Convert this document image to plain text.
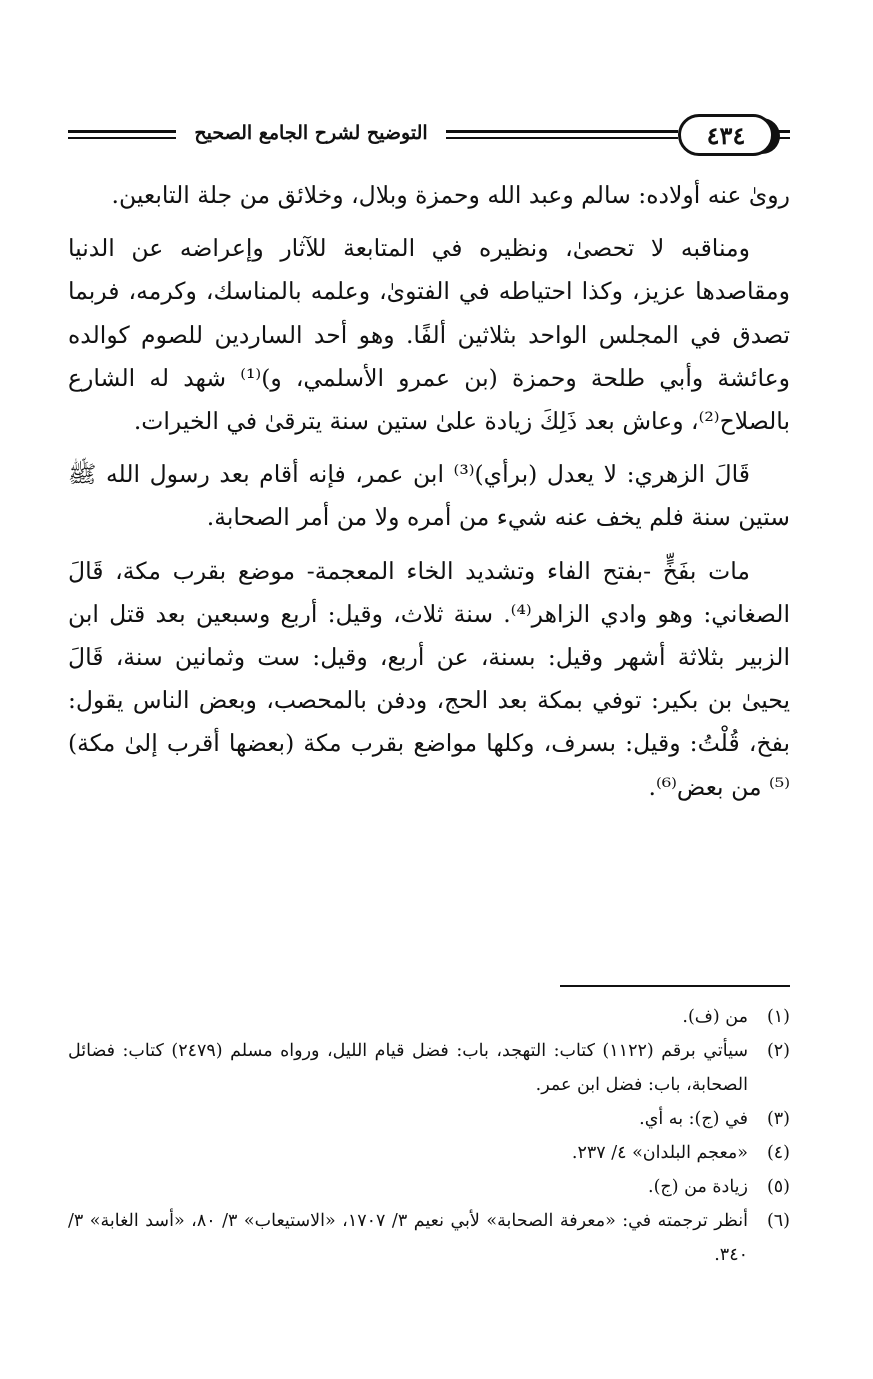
التوضيح لشرح الجامع الصحيح	٤٣٤

روىٰ عنه أولاده: سالم وعبد الله وحمزة وبلال، وخلائق من جلة التابعين.

ومناقبه لا تحصىٰ، ونظيره في المتابعة للآثار وإعراضه عن الدنيا ومقاصدها عزيز، وكذا احتياطه في الفتوىٰ، وعلمه بالمناسك، وكرمه، فربما تصدق في المجلس الواحد بثلاثين ألفًا. وهو أحد الساردين للصوم كوالده وعائشة وأبي طلحة وحمزة (بن عمرو الأسلمي، و)⁽¹⁾ شهد له الشارع بالصلاح⁽²⁾، وعاش بعد ذَلِكَ زيادة علىٰ ستين سنة يترقىٰ في الخيرات.

قَالَ الزهري: لا يعدل (برأي)⁽³⁾ ابن عمر، فإنه أقام بعد رسول الله ﷺ ستين سنة فلم يخف عنه شيء من أمره ولا من أمر الصحابة.

مات بفَخٍّ -بفتح الفاء وتشديد الخاء المعجمة- موضع بقرب مكة، قَالَ الصغاني: وهو وادي الزاهر⁽⁴⁾. سنة ثلاث، وقيل: أربع وسبعين بعد قتل ابن الزبير بثلاثة أشهر وقيل: بسنة، عن أربع، وقيل: ست وثمانين سنة، قَالَ يحيىٰ بن بكير: توفي بمكة بعد الحج، ودفن بالمحصب، وبعض الناس يقول: بفخ، قُلْتُ: وقيل: بسرف، وكلها مواضع بقرب مكة (بعضها أقرب إلىٰ مكة)⁽⁵⁾ من بعض⁽⁶⁾.

(١)
من (ف).
(٢)
سيأتي برقم (١١٢٢) كتاب: التهجد، باب: فضل قيام الليل، ورواه مسلم (٢٤٧٩) كتاب: فضائل الصحابة، باب: فضل ابن عمر.
(٣)
في (ج): به أي.
(٤)
«معجم البلدان» ٤/ ٢٣٧.
(٥)
زيادة من (ج).
(٦)
أنظر ترجمته في: «معرفة الصحابة» لأبي نعيم ٣/ ١٧٠٧، «الاستيعاب» ٣/ ٨٠، «أسد الغابة» ٣/ ٣٤٠.
